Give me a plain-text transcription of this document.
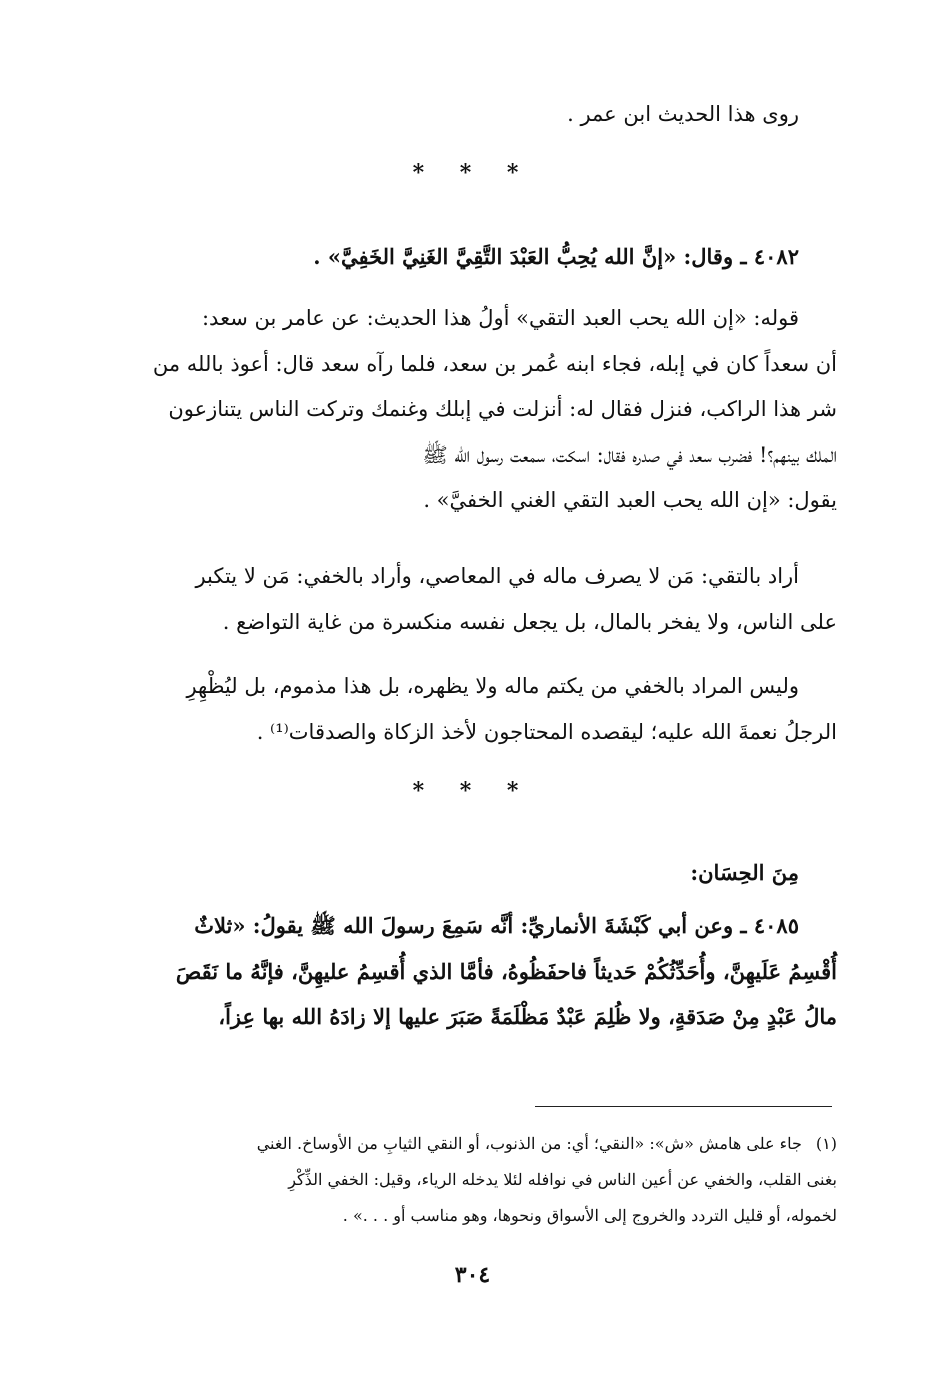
روى هذا الحديث ابن عمر .

* * *

٤٠٨٢ ـ وقال: «إنَّ الله يُحِبُّ العَبْدَ التَّقِيَّ الغَنِيَّ الخَفِيَّ» .

قوله: «إن الله يحب العبد التقي» أولُ هذا الحديث: عن عامر بن سعد:

أن سعداً كان في إبله، فجاء ابنه عُمر بن سعد، فلما رآه سعد قال: أعوذ بالله من
شر هذا الراكب، فنزل فقال له: أنزلت في إبلك وغنمك وتركت الناس يتنازعون
الملك بينهم؟! فضرب سعد في صدره فقال: اسكت، سمعت رسول الله ﷺ
يقول: «إن الله يحب العبد التقي الغني الخفيَّ» .

أراد بالتقي: مَن لا يصرف ماله في المعاصي، وأراد بالخفي: مَن لا يتكبر

على الناس، ولا يفخر بالمال، بل يجعل نفسه منكسرة من غاية التواضع .

وليس المراد بالخفي من يكتم ماله ولا يظهره، بل هذا مذموم، بل ليُظْهِرِ

الرجلُ نعمةَ الله عليه؛ ليقصده المحتاجون لأخذ الزكاة والصدقات⁽¹⁾ .
* * *

مِنَ الحِسَان:

٤٠٨٥ ـ وعن أبي كَبْشَةَ الأنماريِّ: أنَّه سَمِعَ رسولَ الله ﷺ يقولُ: «ثلاثٌ

أُقْسِمُ عَلَيهِنَّ، وأُحَدِّثُكُمْ حَديثاً فاحفَظُوهُ، فأمَّا الذي أُقسِمُ عليهِنَّ، فإنَّهُ ما نَقَصَ
مالُ عَبْدٍ مِنْ صَدَقةٍ، ولا ظُلِمَ عَبْدٌ مَظْلَمَةً صَبَرَ عليها إلا زادَهُ الله بها عِزاً،
(١)جاء على هامش «ش»: «النقي؛ أي: من الذنوب، أو النقي الثيابِ من الأوساخ. الغني
بغنى القلب، والخفي عن أعين الناس في نوافله لئلا يدخله الرياء، وقيل: الخفي الذِّكْرِ
لخموله، أو قليل التردد والخروج إلى الأسواق ونحوها، وهو مناسب أو . . .» .
٣٠٤
